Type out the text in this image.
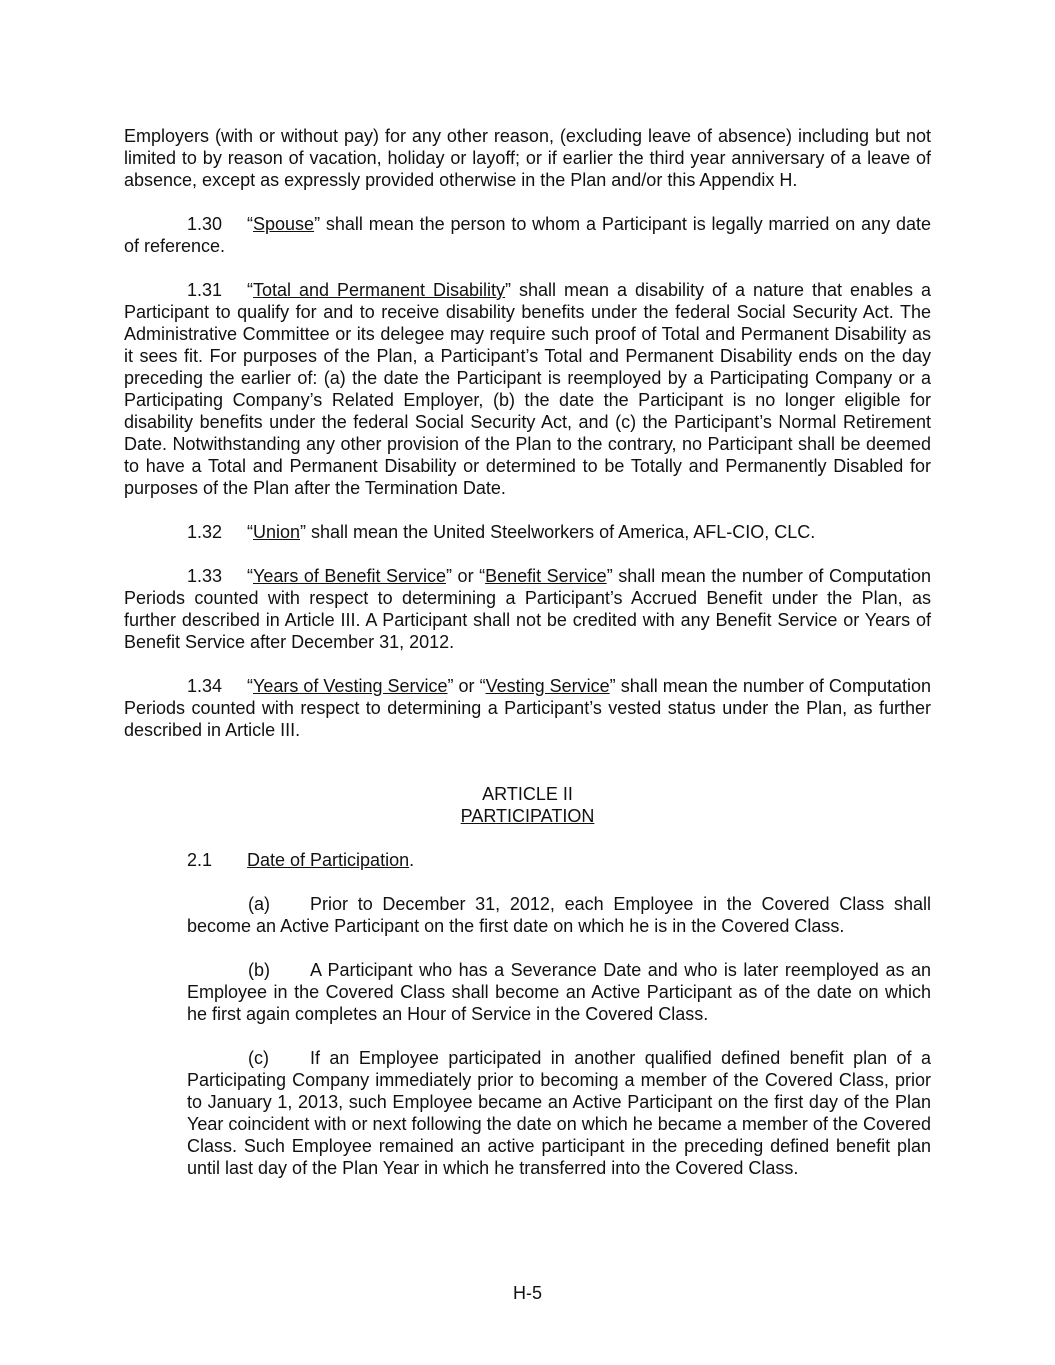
Employers (with or without pay) for any other reason, (excluding leave of absence) including but not limited to by reason of vacation, holiday or layoff; or if earlier the third year anniversary of a leave of absence, except as expressly provided otherwise in the Plan and/or this Appendix H.

1.30 “Spouse” shall mean the person to whom a Participant is legally married on any date of reference.

1.31 “Total and Permanent Disability” shall mean a disability of a nature that enables a Participant to qualify for and to receive disability benefits under the federal Social Security Act. The Administrative Committee or its delegee may require such proof of Total and Permanent Disability as it sees fit. For purposes of the Plan, a Participant’s Total and Permanent Disability ends on the day preceding the earlier of: (a) the date the Participant is reemployed by a Participating Company or a Participating Company’s Related Employer, (b) the date the Participant is no longer eligible for disability benefits under the federal Social Security Act, and (c) the Participant’s Normal Retirement Date. Notwithstanding any other provision of the Plan to the contrary, no Participant shall be deemed to have a Total and Permanent Disability or determined to be Totally and Permanently Disabled for purposes of the Plan after the Termination Date.

1.32 “Union” shall mean the United Steelworkers of America, AFL-CIO, CLC.

1.33 “Years of Benefit Service” or “Benefit Service” shall mean the number of Computation Periods counted with respect to determining a Participant’s Accrued Benefit under the Plan, as further described in Article III. A Participant shall not be credited with any Benefit Service or Years of Benefit Service after December 31, 2012.

1.34 “Years of Vesting Service” or “Vesting Service” shall mean the number of Computation Periods counted with respect to determining a Participant’s vested status under the Plan, as further described in Article III.

ARTICLE II

PARTICIPATION

2.1 Date of Participation.

(a) Prior to December 31, 2012, each Employee in the Covered Class shall become an Active Participant on the first date on which he is in the Covered Class.

(b) A Participant who has a Severance Date and who is later reemployed as an Employee in the Covered Class shall become an Active Participant as of the date on which he first again completes an Hour of Service in the Covered Class.

(c) If an Employee participated in another qualified defined benefit plan of a Participating Company immediately prior to becoming a member of the Covered Class, prior to January 1, 2013, such Employee became an Active Participant on the first day of the Plan Year coincident with or next following the date on which he became a member of the Covered Class. Such Employee remained an active participant in the preceding defined benefit plan until last day of the Plan Year in which he transferred into the Covered Class.

H-5
